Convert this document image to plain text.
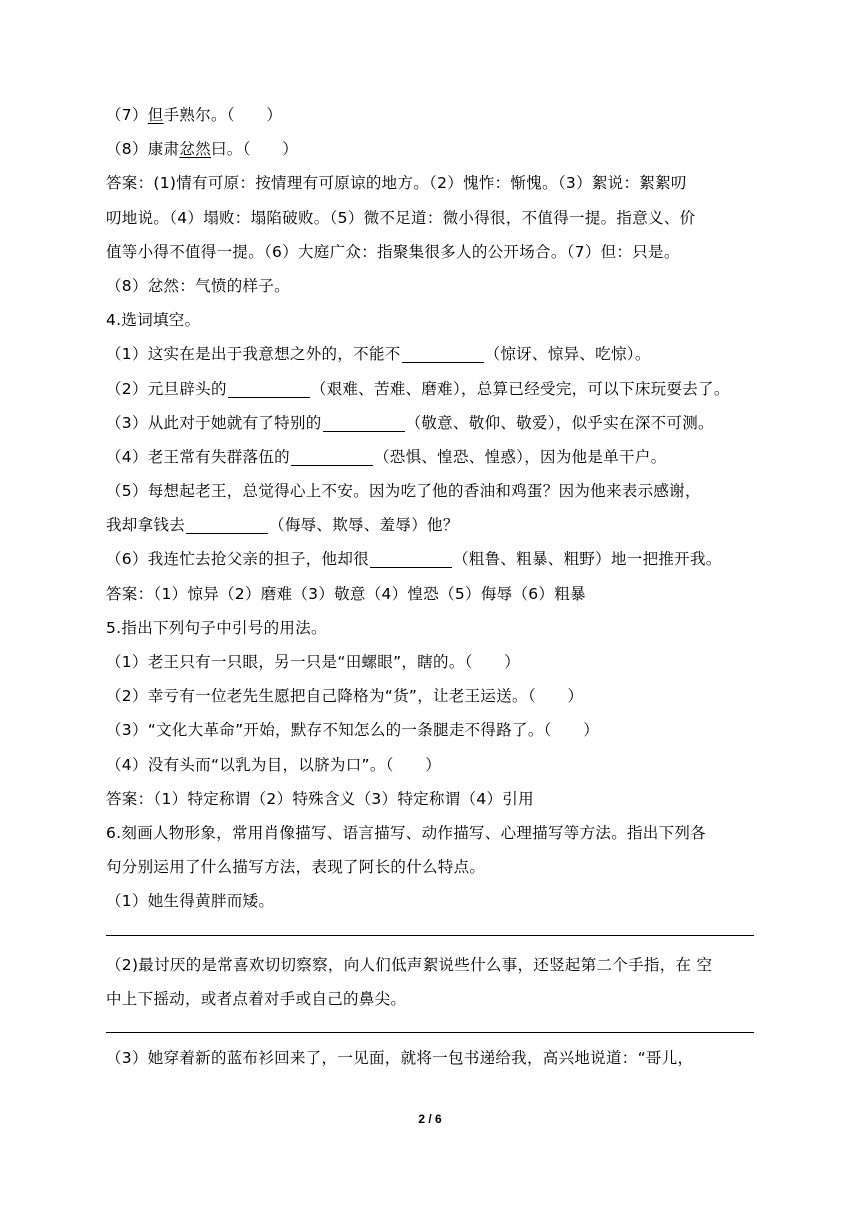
（7）但手熟尔。（　　）
（8）康肃忿然曰。（　　）
答案：(1)情有可原：按情理有可原谅的地方。（2）愧怍：惭愧。（3）絮说：絮絮叨
叨地说。（4）塌败：塌陷破败。（5）微不足道：微小得很，不值得一提。指意义、价
值等小得不值得一提。（6）大庭广众：指聚集很多人的公开场合。（7）但：只是。
（8）忿然：气愤的样子。
4.选词填空。
（1）这实在是出于我意想之外的，不能不	（惊讶、惊异、吃惊）。
（2）元旦辟头的	（艰难、苦难、磨难），总算已经受完，可以下床玩耍去了。
（3）从此对于她就有了特别的	（敬意、敬仰、敬爱），似乎实在深不可测。
（4）老王常有失群落伍的	（恐惧、惶恐、惶惑），因为他是单干户。
（5）每想起老王，总觉得心上不安。因为吃了他的香油和鸡蛋？因为他来表示感谢，
我却拿钱去	（侮辱、欺辱、羞辱）他？
（6）我连忙去抢父亲的担子，他却很	（粗鲁、粗暴、粗野）地一把推开我。
答案：（1）惊异（2）磨难（3）敬意（4）惶恐（5）侮辱（6）粗暴
5.指出下列句子中引号的用法。
（1）老王只有一只眼，另一只是“田螺眼”，瞎的。（　　）
（2）幸亏有一位老先生愿把自己降格为“货”，让老王运送。（　　）
（3）“文化大革命”开始，默存不知怎么的一条腿走不得路了。（　　）
（4）没有头而“以乳为目，以脐为口”。（　　）
答案：（1）特定称谓（2）特殊含义（3）特定称谓（4）引用
6.刻画人物形象，常用肖像描写、语言描写、动作描写、心理描写等方法。指出下列各
句分别运用了什么描写方法，表现了阿长的什么特点。
（1）她生得黄胖而矮。
（2)最讨厌的是常喜欢切切察察，向人们低声絮说些什么事，还竖起第二个手指，在 空
中上下摇动，或者点着对手或自己的鼻尖。
（3）她穿着新的蓝布衫回来了，一见面，就将一包书递给我，高兴地说道：“哥儿，
2 / 6
